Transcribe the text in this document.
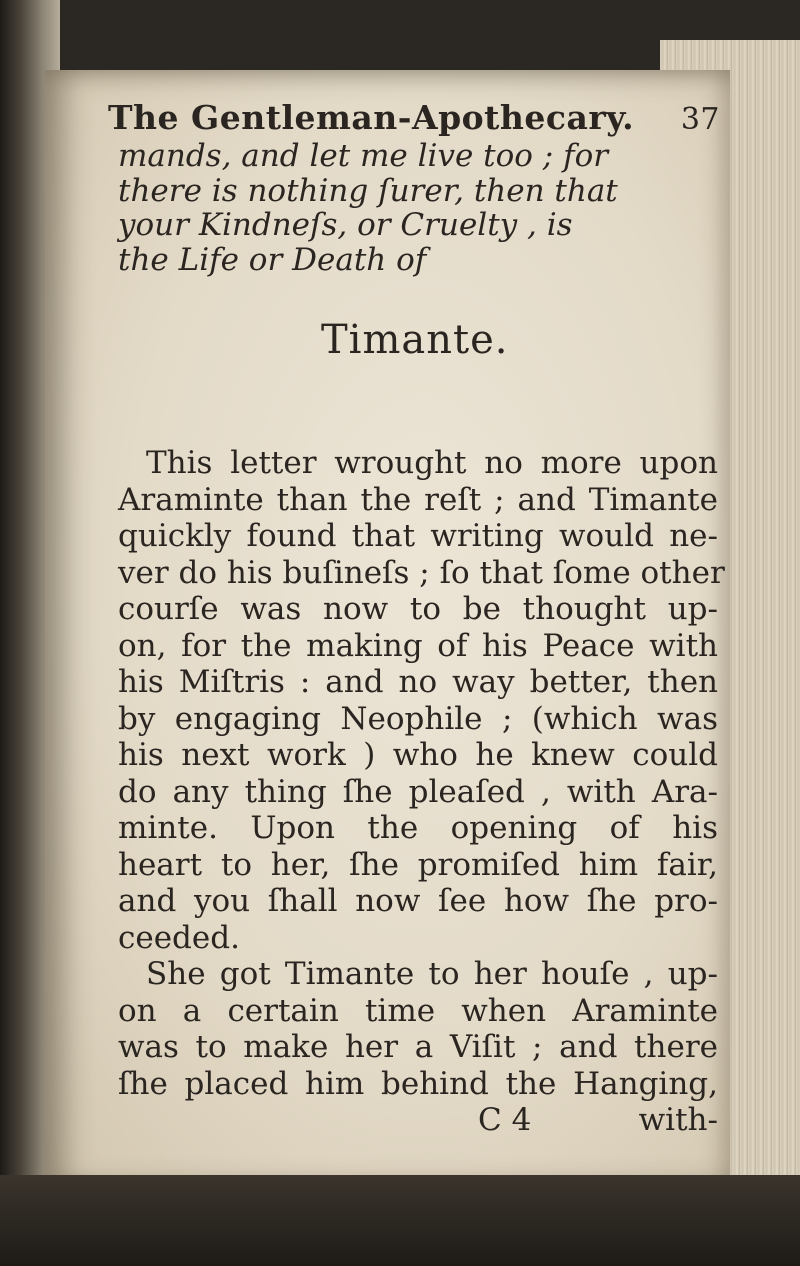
The Gentleman-Apothecary. 37
mands, and let me live too ; for
there is nothing ſurer, then that
your Kindneſs, or Cruelty , is
the Life or Death of
Timante.
This letter wrought no more upon
Araminte than the reſt ; and Timante
quickly found that writing would ne-
ver do his buſineſs ; ſo that ſome other
courſe was now to be thought up-
on, for the making of his Peace with
his Miſtris : and no way better, then
by engaging Neophile ; (which was
his next work ) who he knew could
do any thing ſhe pleaſed , with Ara-
minte. Upon the opening of his
heart to her, ſhe promiſed him fair,
and you ſhall now ſee how ſhe pro-
ceeded.
She got Timante to her houſe , up-
on a certain time when Araminte
was to make her a Viſit ; and there
ſhe placed him behind the Hanging,
C 4	with-
